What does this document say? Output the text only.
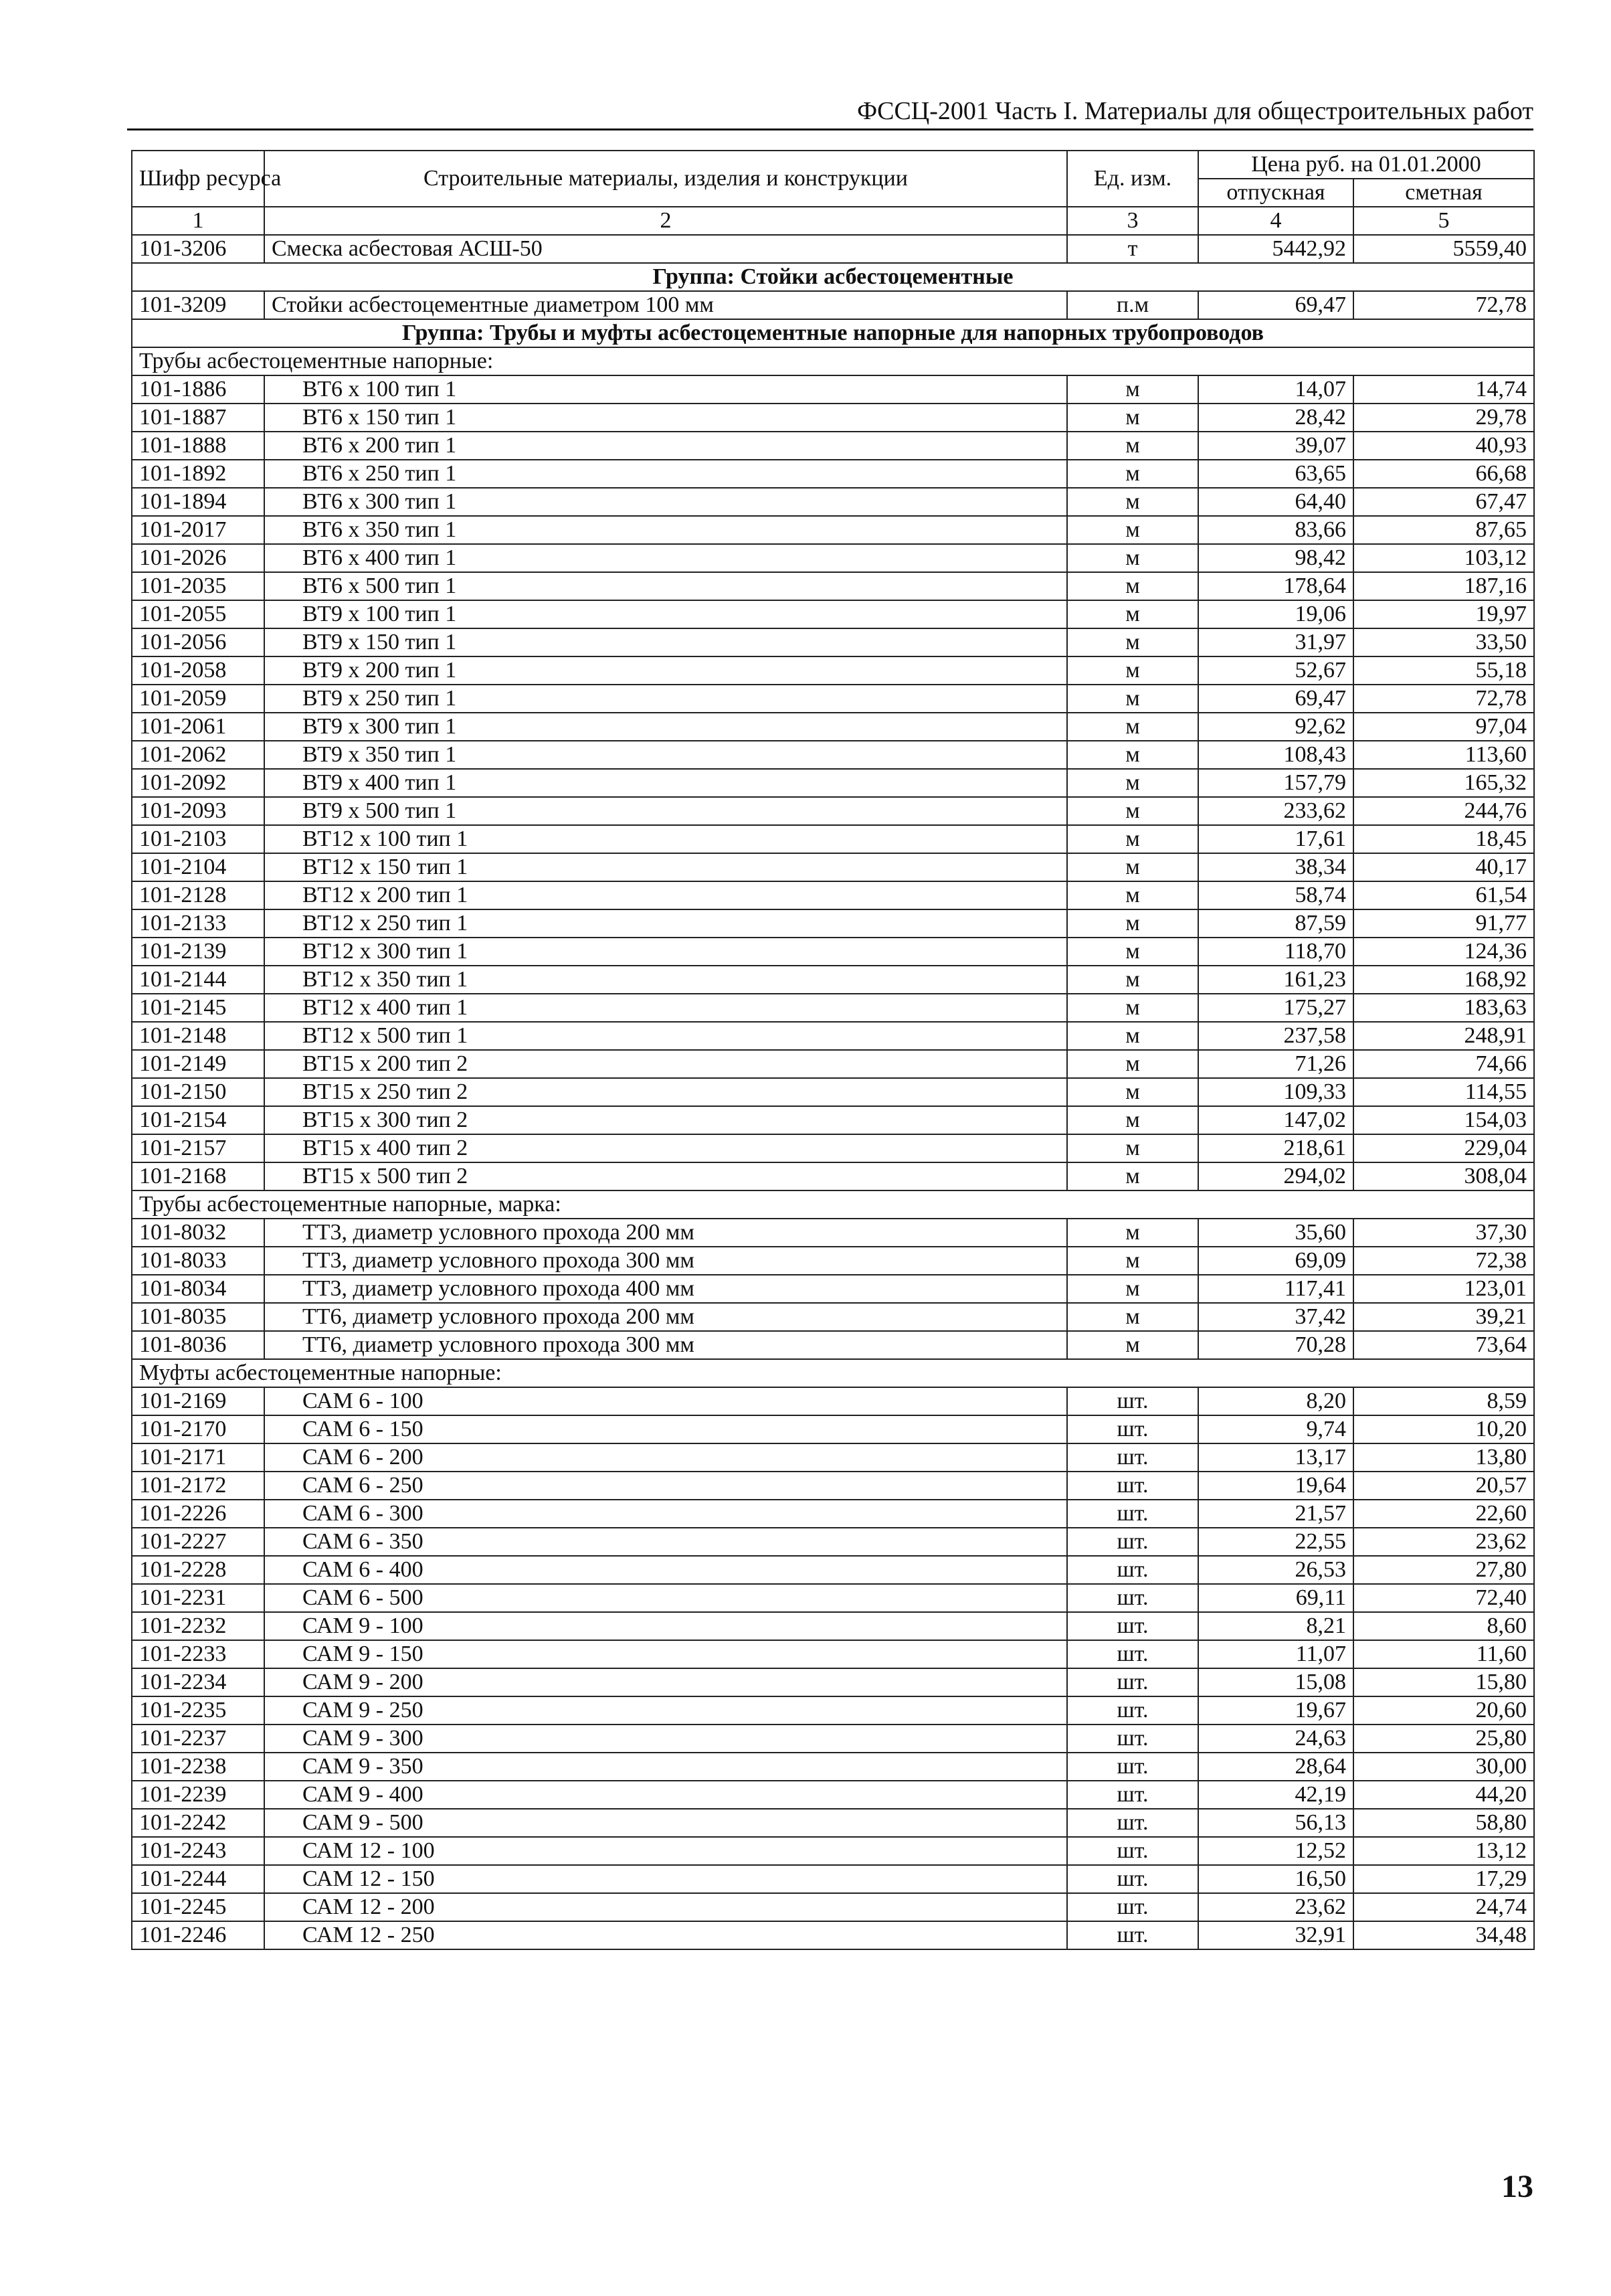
ФССЦ-2001 Часть I. Материалы для общестроительных работ
Шифр ресурса	Строительные материалы, изделия и конструкции	Ед. изм.	Цена руб. на 01.01.2000	
			отпускная	сметная
1	2	3	4	5
101-3206	Смеска асбестовая АСШ-50	т	5442,92	5559,40
Группа: Стойки асбестоцементные				
101-3209	Стойки асбестоцементные диаметром 100 мм	п.м	69,47	72,78
Группа: Трубы и муфты асбестоцементные напорные для напорных трубопроводов				
Трубы асбестоцементные напорные:				
101-1886	ВТ6 х 100 тип 1	м	14,07	14,74
101-1887	ВТ6 х 150 тип 1	м	28,42	29,78
101-1888	ВТ6 х 200 тип 1	м	39,07	40,93
101-1892	ВТ6 х 250 тип 1	м	63,65	66,68
101-1894	ВТ6 х 300 тип 1	м	64,40	67,47
101-2017	ВТ6 х 350 тип 1	м	83,66	87,65
101-2026	ВТ6 х 400 тип 1	м	98,42	103,12
101-2035	ВТ6 х 500 тип 1	м	178,64	187,16
101-2055	ВТ9 х 100 тип 1	м	19,06	19,97
101-2056	ВТ9 х 150 тип 1	м	31,97	33,50
101-2058	ВТ9 х 200 тип 1	м	52,67	55,18
101-2059	ВТ9 х 250 тип 1	м	69,47	72,78
101-2061	ВТ9 х 300 тип 1	м	92,62	97,04
101-2062	ВТ9 х 350 тип 1	м	108,43	113,60
101-2092	ВТ9 х 400 тип 1	м	157,79	165,32
101-2093	ВТ9 х 500 тип 1	м	233,62	244,76
101-2103	ВТ12 х 100 тип 1	м	17,61	18,45
101-2104	ВТ12 х 150 тип 1	м	38,34	40,17
101-2128	ВТ12 х 200 тип 1	м	58,74	61,54
101-2133	ВТ12 х 250 тип 1	м	87,59	91,77
101-2139	ВТ12 х 300 тип 1	м	118,70	124,36
101-2144	ВТ12 х 350 тип 1	м	161,23	168,92
101-2145	ВТ12 х 400 тип 1	м	175,27	183,63
101-2148	ВТ12 х 500 тип 1	м	237,58	248,91
101-2149	ВТ15 х 200 тип 2	м	71,26	74,66
101-2150	ВТ15 х 250 тип 2	м	109,33	114,55
101-2154	ВТ15 х 300 тип 2	м	147,02	154,03
101-2157	ВТ15 х 400 тип 2	м	218,61	229,04
101-2168	ВТ15 х 500 тип 2	м	294,02	308,04
Трубы асбестоцементные напорные, марка:				
101-8032	ТТ3, диаметр условного прохода 200 мм	м	35,60	37,30
101-8033	ТТ3, диаметр условного прохода 300 мм	м	69,09	72,38
101-8034	ТТ3, диаметр условного прохода 400 мм	м	117,41	123,01
101-8035	ТТ6, диаметр условного прохода 200 мм	м	37,42	39,21
101-8036	ТТ6, диаметр условного прохода 300 мм	м	70,28	73,64
Муфты асбестоцементные напорные:				
101-2169	САМ 6 - 100	шт.	8,20	8,59
101-2170	САМ 6 - 150	шт.	9,74	10,20
101-2171	САМ 6 - 200	шт.	13,17	13,80
101-2172	САМ 6 - 250	шт.	19,64	20,57
101-2226	САМ 6 - 300	шт.	21,57	22,60
101-2227	САМ 6 - 350	шт.	22,55	23,62
101-2228	САМ 6 - 400	шт.	26,53	27,80
101-2231	САМ 6 - 500	шт.	69,11	72,40
101-2232	САМ 9 - 100	шт.	8,21	8,60
101-2233	САМ 9 - 150	шт.	11,07	11,60
101-2234	САМ 9 - 200	шт.	15,08	15,80
101-2235	САМ 9 - 250	шт.	19,67	20,60
101-2237	САМ 9 - 300	шт.	24,63	25,80
101-2238	САМ 9 - 350	шт.	28,64	30,00
101-2239	САМ 9 - 400	шт.	42,19	44,20
101-2242	САМ 9 - 500	шт.	56,13	58,80
101-2243	САМ 12 - 100	шт.	12,52	13,12
101-2244	САМ 12 - 150	шт.	16,50	17,29
101-2245	САМ 12 - 200	шт.	23,62	24,74
101-2246	САМ 12 - 250	шт.	32,91	34,48
13
